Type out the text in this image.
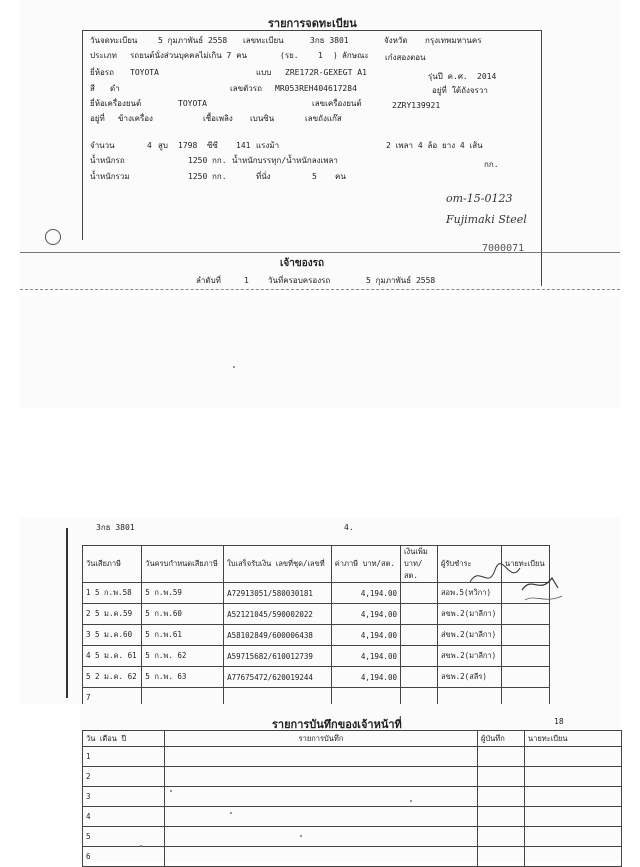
รายการจดทะเบียน
วันจดทะเบียน	5 กุมภาพันธ์ 2558 เลขทะเบียน	3กธ 3801	จังหวัด กรุงเทพมหานคร
ประเภท รถยนต์นั่งส่วนบุคคลไม่เกิน 7 คน	(รย. 1 ) ลักษณะ เก๋งสองตอน
ยี่ห้อรถ TOYOTA	แบบ ZRE172R-GEXEGT A1	รุ่นปี ค.ศ. 2014
สี ดำ	เลขตัวรถ MR053REH404617284	อยู่ที่ ใต้ถังจรวา
ยี่ห้อเครื่องยนต์	TOYOTA	เลขเครื่องยนต์	2ZRY139921
อยู่ที่ ข้างเครื่อง	เชื้อเพลิง เบนซิน	เลขถังแก๊ส
จำนวน	4 สูบ 1798 ซีซี 141 แรงม้า	2 เพลา 4 ล้อ ยาง 4 เส้น
น้ำหนักรถ	1250 กก. น้ำหนักบรรทุก/น้ำหนักลงเพลา	กก.
น้ำหนักรวม	1250 กก.	ที่นั่ง	5 คน
om-15-0123
Fujimaki Steel
7000071
เจ้าของรถ
ลำดับที่	1 วันที่ครอบครองรถ	5 กุมภาพันธ์ 2558
3กธ 3801	4.
วันเสียภาษี	วันครบกำหนดเสียภาษี	ใบเสร็จรับเงิน เลขที่ชุด/เลขที่	ค่าภาษี บาท/สต.	เงินเพิ่ม บาท/สต.	ผู้รับชำระ	นายทะเบียน
1 5 ก.พ.58	5 ก.พ.59	A72913051/580030181	4,194.00		สอพ.5(ทวิกา)	
2 5 ม.ค.59	5 ก.พ.60	A52121045/590002022	4,194.00		ลขพ.2(มาลีกา)	
3 5 ม.ค.60	5 ก.พ.61	A58102849/600006438	4,194.00		ส่ขพ.2(มาลีกา)	
4 5 ม.ค. 61	5 ก.พ. 62	A59715682/610012739	4,194.00		สขพ.2(มาลีกา)	
5 2 ม.ค. 62	5 ก.พ. 63	A77675472/620019244	4,194.00		ลขพ.2(สลีร)	
7						
18
รายการบันทึกของเจ้าหน้าที่
วัน เดือน ปี	รายการบันทึก	ผู้บันทึก	นายทะเบียน
1			
2			
3			
4			
5			
6			
